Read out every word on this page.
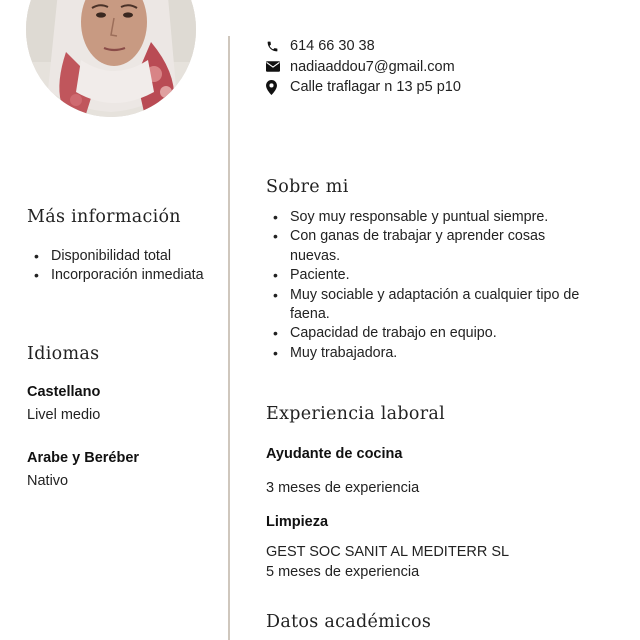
614 66 30 38
nadiaaddou7@gmail.com
Calle traflagar n 13 p5 p10
Más información
• Disponibilidad total
• Incorporación inmediata
Idiomas
Castellano
Livel medio
Arabe y Beréber
Nativo
Sobre mi
• Soy muy responsable y puntual siempre.
• Con ganas de trabajar y aprender cosas nuevas.
• Paciente.
• Muy sociable y adaptación a cualquier tipo de faena.
• Capacidad de trabajo en equipo.
• Muy trabajadora.
Experiencia laboral
Ayudante de cocina
3 meses de experiencia
Limpieza
GEST SOC SANIT AL MEDITERR SL
5 meses de experiencia
Datos académicos
